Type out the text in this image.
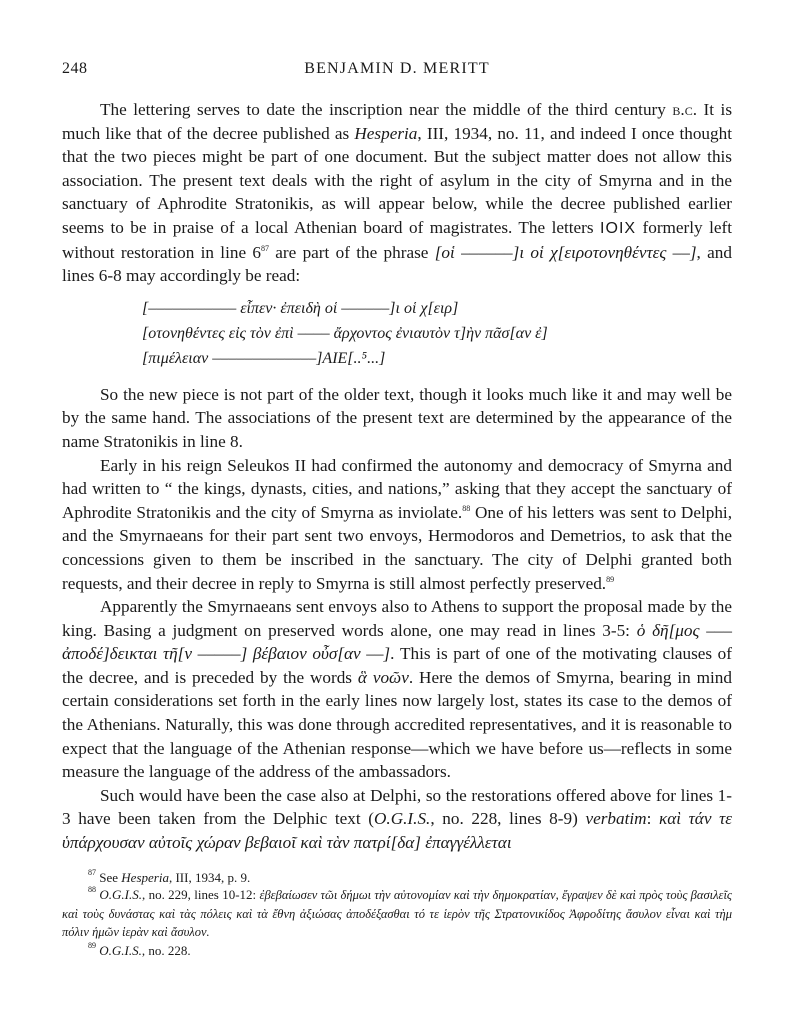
248	BENJAMIN D. MERITT

The lettering serves to date the inscription near the middle of the third century b.c. It is much like that of the decree published as Hesperia, III, 1934, no. 11, and indeed I once thought that the two pieces might be part of one document. But the subject matter does not allow this association. The present text deals with the right of asylum in the city of Smyrna and in the sanctuary of Aphrodite Stratonikis, as will appear below, while the decree published earlier seems to be in praise of a local Athenian board of magistrates. The letters ΙΟΙΧ formerly left without restoration in line $6^{87}$ are part of the phrase [οἱ ––––––]ι οἱ χ[ειροτονηθέντες ––], and lines 6-8 may accordingly be read:

[––––––––––– εἶπεν· ἐπειδὴ οἱ ––––––]ι οἱ χ[ειρ]
[οτονηθέντες εἰς τὸν ἐπὶ –––– ἄρχοντος ἐνιαυτὸν τ]ὴν πᾶσ[αν ἐ]
[πιμέλειαν –––––––––––––]ΑΙΕ[..⁵...]

So the new piece is not part of the older text, though it looks much like it and may well be by the same hand. The associations of the present text are determined by the appearance of the name Stratonikis in line 8.

Early in his reign Seleukos II had confirmed the autonomy and democracy of Smyrna and had written to “ the kings, dynasts, cities, and nations,” asking that they accept the sanctuary of Aphrodite Stratonikis and the city of Smyrna as inviolate.$^{88}$ One of his letters was sent to Delphi, and the Smyrnaeans for their part sent two envoys, Hermodoros and Demetrios, to ask that the concessions given to them be inscribed in the sanctuary. The city of Delphi granted both requests, and their decree in reply to Smyrna is still almost perfectly preserved.$^{89}$

Apparently the Smyrnaeans sent envoys also to Athens to support the proposal made by the king. Basing a judgment on preserved words alone, one may read in lines 3-5: ὁ δῆ[μος ––– ἀποδέ]δεικται τῆ[ν –––––] βέβαιον οὖσ[αν ––]. This is part of one of the motivating clauses of the decree, and is preceded by the words ἃ νοῶν. Here the demos of Smyrna, bearing in mind certain considerations set forth in the early lines now largely lost, states its case to the demos of the Athenians. Naturally, this was done through accredited representatives, and it is reasonable to expect that the language of the Athenian response—which we have before us—reflects in some measure the language of the address of the ambassadors.

Such would have been the case also at Delphi, so the restorations offered above for lines 1-3 have been taken from the Delphic text (O.G.I.S., no. 228, lines 8-9) verbatim: καὶ τάν τε ὑπάρχουσαν αὐτοῖς χώραν βεβαιοῖ καὶ τὰν πατρί[δα] ἐπαγγέλλεται

$^{87}$ See Hesperia, III, 1934, p. 9.
$^{88}$ O.G.I.S., no. 229, lines 10-12: ἐβεβαίωσεν τῶι δήμωι τὴν αὐτονομίαν καὶ τὴν δημοκρατίαν, ἔγραψεν δὲ καὶ πρὸς τοὺς βασιλεῖς καὶ τοὺς δυνάστας καὶ τὰς πόλεις καὶ τὰ ἔθνη ἀξιώσας ἀποδέξασθαι τό τε ἱερὸν τῆς Στρατονικίδος Ἀφροδίτης ἄσυλον εἶναι καὶ τὴμ πόλιν ἡμῶν ἱερὰν καὶ ἄσυλον.
$^{89}$ O.G.I.S., no. 228.
